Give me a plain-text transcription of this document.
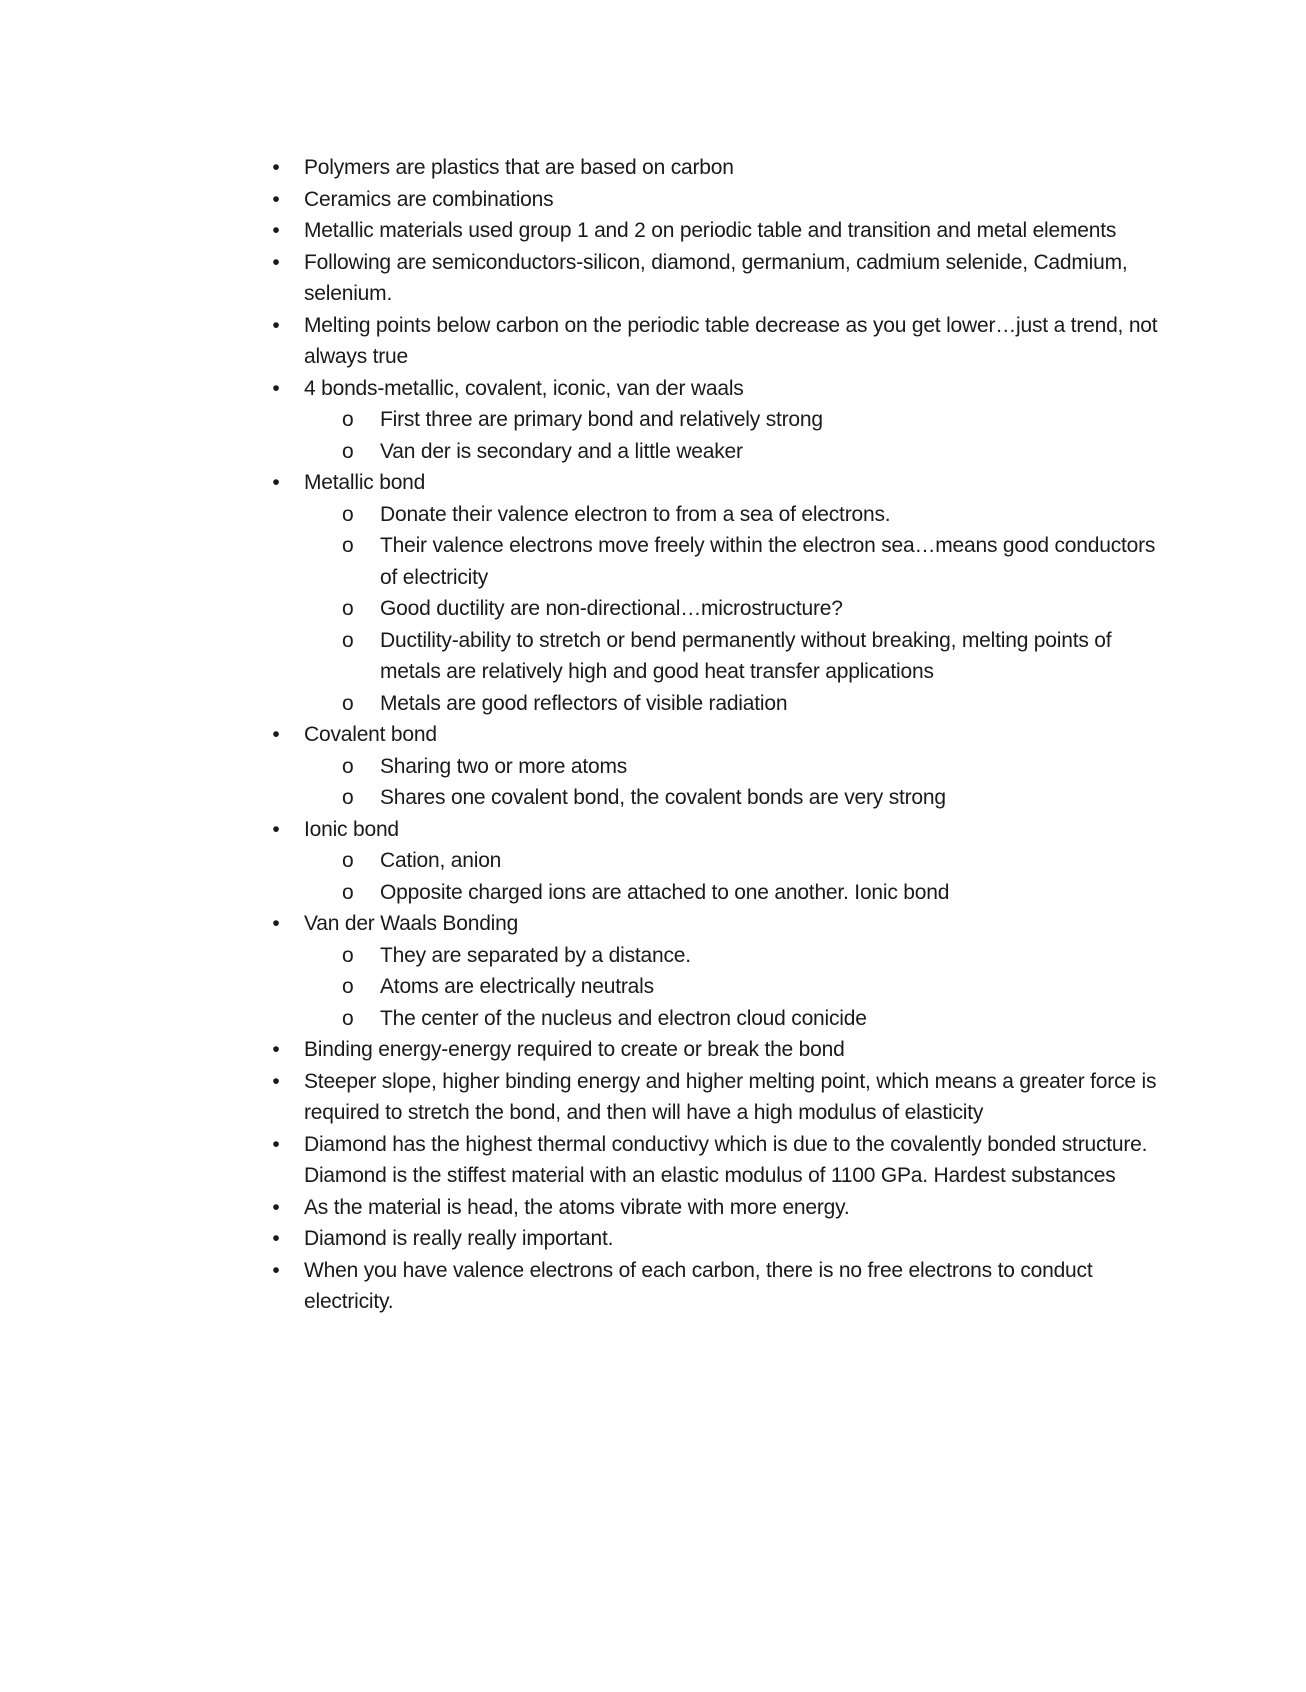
• Polymers are plastics that are based on carbon
• Ceramics are combinations
• Metallic materials used group 1 and 2 on periodic table and transition and metal elements
• Following are semiconductors-silicon, diamond, germanium, cadmium selenide, Cadmium, selenium.
• Melting points below carbon on the periodic table decrease as you get lower…just a trend, not always true
• 4 bonds-metallic, covalent, iconic, van der waals
o First three are primary bond and relatively strong
o Van der is secondary and a little weaker
• Metallic bond
o Donate their valence electron to from a sea of electrons.
o Their valence electrons move freely within the electron sea…means good conductors of electricity
o Good ductility are non-directional…microstructure?
o Ductility-ability to stretch or bend permanently without breaking, melting points of metals are relatively high and good heat transfer applications
o Metals are good reflectors of visible radiation
• Covalent bond
o Sharing two or more atoms
o Shares one covalent bond, the covalent bonds are very strong
• Ionic bond
o Cation, anion
o Opposite charged ions are attached to one another. Ionic bond
• Van der Waals Bonding
o They are separated by a distance.
o Atoms are electrically neutrals
o The center of the nucleus and electron cloud conicide
• Binding energy-energy required to create or break the bond
• Steeper slope, higher binding energy and higher melting point, which means a greater force is required to stretch the bond, and then will have a high modulus of elasticity
• Diamond has the highest thermal conductivy which is due to the covalently bonded structure. Diamond is the stiffest material with an elastic modulus of 1100 GPa. Hardest substances
• As the material is head, the atoms vibrate with more energy.
• Diamond is really really important.
• When you have valence electrons of each carbon, there is no free electrons to conduct electricity.
